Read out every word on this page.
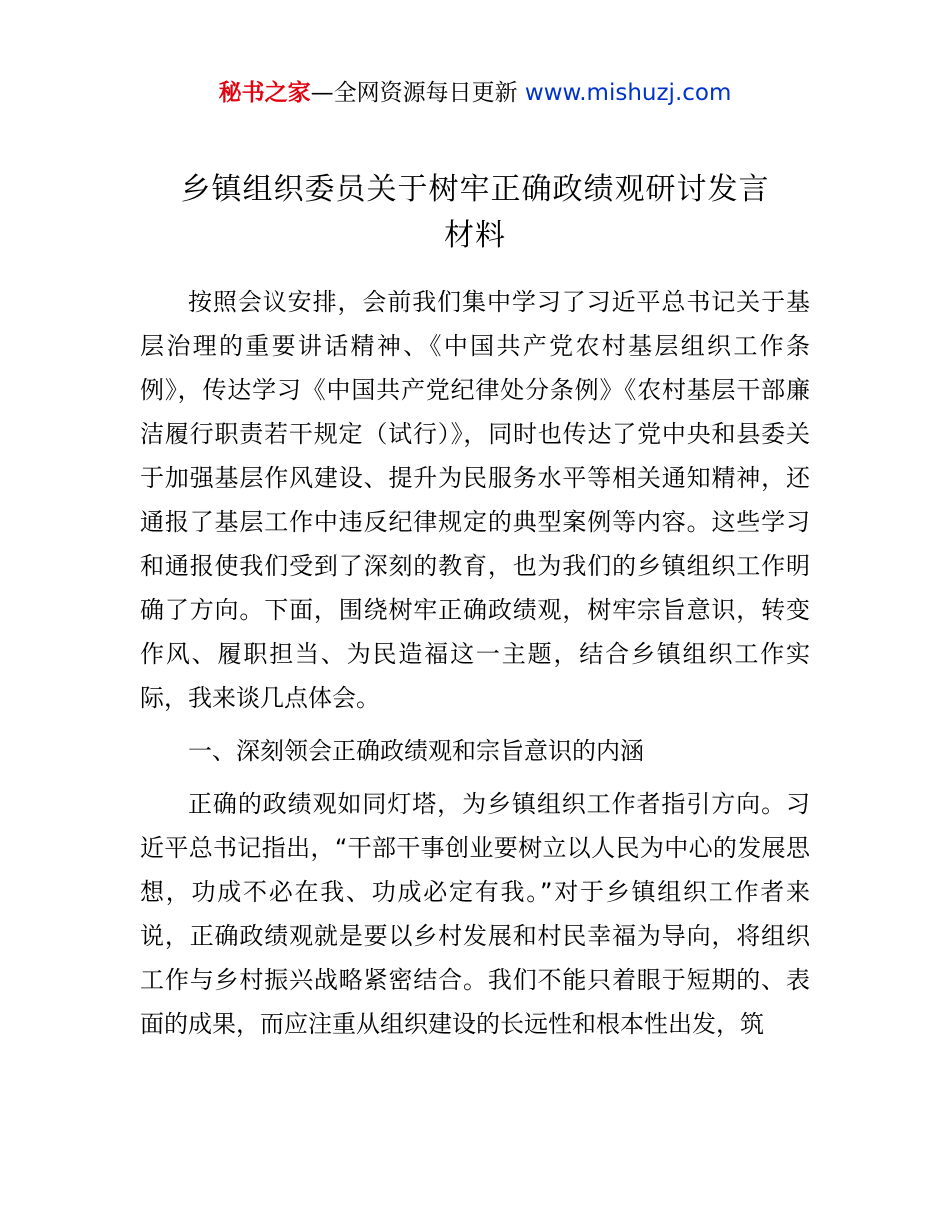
秘书之家—全网资源每日更新 www.mishuzj.com
乡镇组织委员关于树牢正确政绩观研讨发言
材料

按照会议安排，会前我们集中学习了习近平总书记关于基层治理的重要讲话精神、《中国共产党农村基层组织工作条例》，传达学习《中国共产党纪律处分条例》《农村基层干部廉洁履行职责若干规定（试行）》，同时也传达了党中央和县委关于加强基层作风建设、提升为民服务水平等相关通知精神，还通报了基层工作中违反纪律规定的典型案例等内容。这些学习和通报使我们受到了深刻的教育，也为我们的乡镇组织工作明确了方向。下面，围绕树牢正确政绩观，树牢宗旨意识，转变作风、履职担当、为民造福这一主题，结合乡镇组织工作实际，我来谈几点体会。

一、深刻领会正确政绩观和宗旨意识的内涵

正确的政绩观如同灯塔，为乡镇组织工作者指引方向。习近平总书记指出，“干部干事创业要树立以人民为中心的发展思想，功成不必在我、功成必定有我。”对于乡镇组织工作者来说，正确政绩观就是要以乡村发展和村民幸福为导向，将组织工作与乡村振兴战略紧密结合。我们不能只着眼于短期的、表面的成果，而应注重从组织建设的长远性和根本性出发，筑
